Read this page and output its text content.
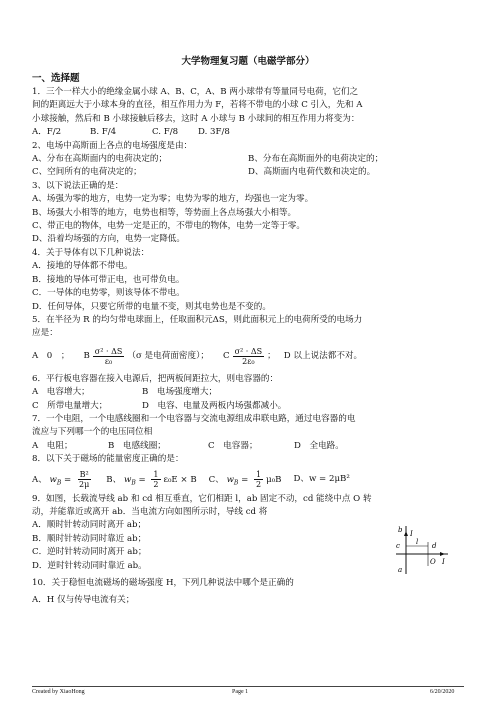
大学物理复习题（电磁学部分）
一、选择题
1．三个一样大小的绝缘金属小球 A、B、C，A、B 两小球带有等量同号电荷，它们之
间的距离远大于小球本身的直径，相互作用力为 F，若将不带电的小球 C 引入，先和 A
小球接触，然后和 B 小球接触后移去，这时 A 小球与 B 小球间的相互作用力将变为：
A．F/2	B. F/4	C. F/8	D. 3F/8
2、电场中高斯面上各点的电场强度是由：
A、分布在高斯面内的电荷决定的；	B、分布在高斯面外的电荷决定的；
C、空间所有的电荷决定的；	D、高斯面内电荷代数和决定的。
3、以下说法正确的是：
A、场强为零的地方，电势一定为零；电势为零的地方，均强也一定为零。
B、场强大小相等的地方，电势也相等，等势面上各点场强大小相等。
C、带正电的物体，电势一定是正的，不带电的物体，电势一定等于零。
D、沿着均场强的方向，电势一定降低。
4．关于导体有以下几种说法：
A．接地的导体都不带电。
B．接地的导体可带正电，也可带负电。
C．一导体的电势零，则该导体不带电。
D．任何导体，只要它所带的电量不变，则其电势也是不变的。
5．在半径为 R 的均匀带电球面上，任取面积元ΔS，则此面积元上的电荷所受的电场力
应是：
A　0　； B $\frac{\text{σ² · ΔS}}{\text{ε₀}} (\sigma$ 是电荷面密度）； C $\frac{\text{σ² · ΔS}}{\text{2ε₀}}$ ； D 以上说法都不对。
6．平行板电容器在接入电源后，把两板间距拉大，则电容器的：
A　电容增大；	B　电场强度增大；
C　所带电量增大；	D　电容、电量及两板内场强都减小。
7．一个电阻，一个电感线圈和一个电容器与交流电源组成串联电路，通过电容器的电
流应与下列哪一个的电压同位相
A　电阻；	B　电感线圈；	C　电容器；	D　全电路。
8．以下关于磁场的能量密度正确的是：
A、 $w_B = \frac{\text{B²}}{2\mu}$ B、 $w_B = \frac{1}{2} \varepsilon_0E \times B$ C、 $w_B = \frac{1}{2} \mu_0B$ D、w = 2μB²
9．如图，长载流导线 ab 和 cd 相互垂直，它们相距 l，ab 固定不动，cd 能绕中点 O 转
动，并能靠近或离开 ab．当电流方向如图所示时，导线 cd 将
A．顺时针转动同时离开 ab；
B．顺时针转动同时靠近 ab；
C．逆时针转动同时离开 ab；
D．逆时针转动同时靠近 ab。
10．关于稳恒电流磁场的磁场强度 H，下列几种说法中哪个是正确的
A．H 仅与传导电流有关；
b I
c l d
O
a
I
Created by XiaoHong	Page 1	6/20/2020
